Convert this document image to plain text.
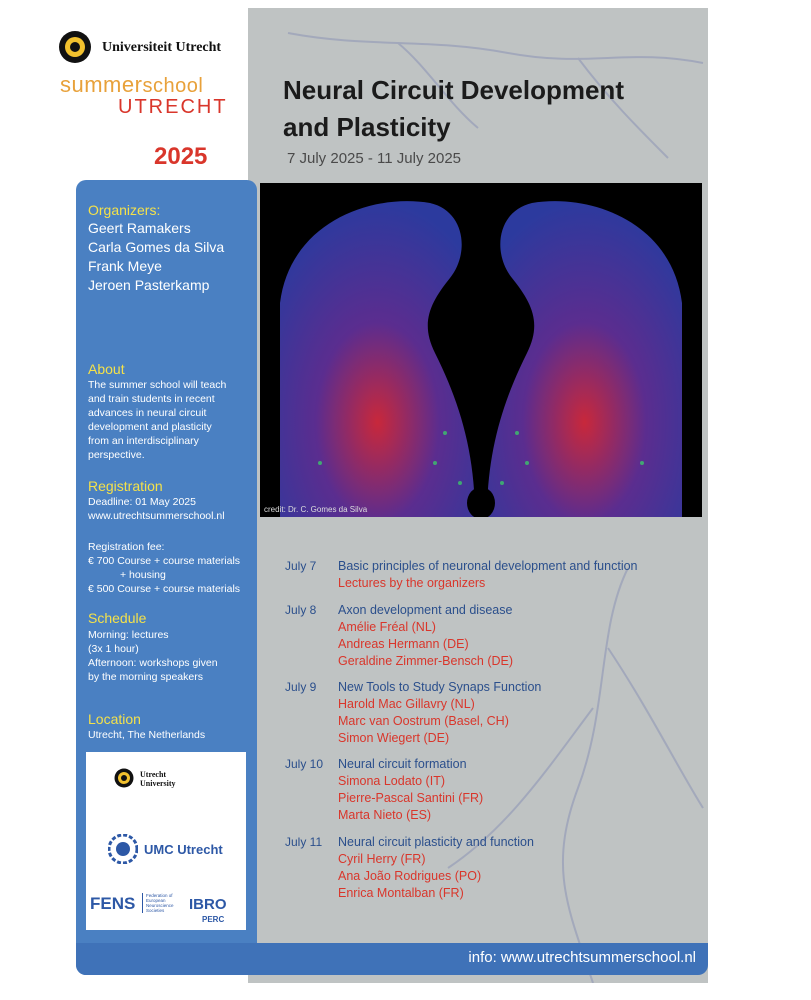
Universiteit Utrecht
summerschool
UTRECHT
2025
Neural Circuit Development
and Plasticity
7 July 2025 - 11 July 2025
credit: Dr. C. Gomes da Silva
Organizers:
Geert Ramakers
Carla Gomes da Silva
Frank Meye
Jeroen Pasterkamp
About
The summer school will teach
and train students in recent
advances in neural circuit
development and plasticity
from an interdisciplinary
perspective.
Registration
Deadline: 01 May 2025
www.utrechtsummerschool.nl
Registration fee:
€ 700 Course + course materials
+ housing
€ 500 Course + course materials
Schedule
Morning: lectures
(3x 1 hour)
Afternoon: workshops given
by the morning speakers
Location
Utrecht, The Netherlands
Utrecht
University
UMC Utrecht
FENS Federation of
European
Neuroscience
Societies	IBRO
PERC
July 7 Basic principles of neuronal development and function
Lectures by the organizers
July 8 Axon development and disease
Amélie Fréal (NL)
Andreas Hermann (DE)
Geraldine Zimmer-Bensch (DE)
July 9 New Tools to Study Synaps Function
Harold Mac Gillavry (NL)
Marc van Oostrum (Basel, CH)
Simon Wiegert (DE)
July 10 Neural circuit formation
Simona Lodato (IT)
Pierre-Pascal Santini (FR)
Marta Nieto (ES)
July 11 Neural circuit plasticity and function
Cyril Herry (FR)
Ana João Rodrigues (PO)
Enrica Montalban (FR)
info: www.utrechtsummerschool.nl
